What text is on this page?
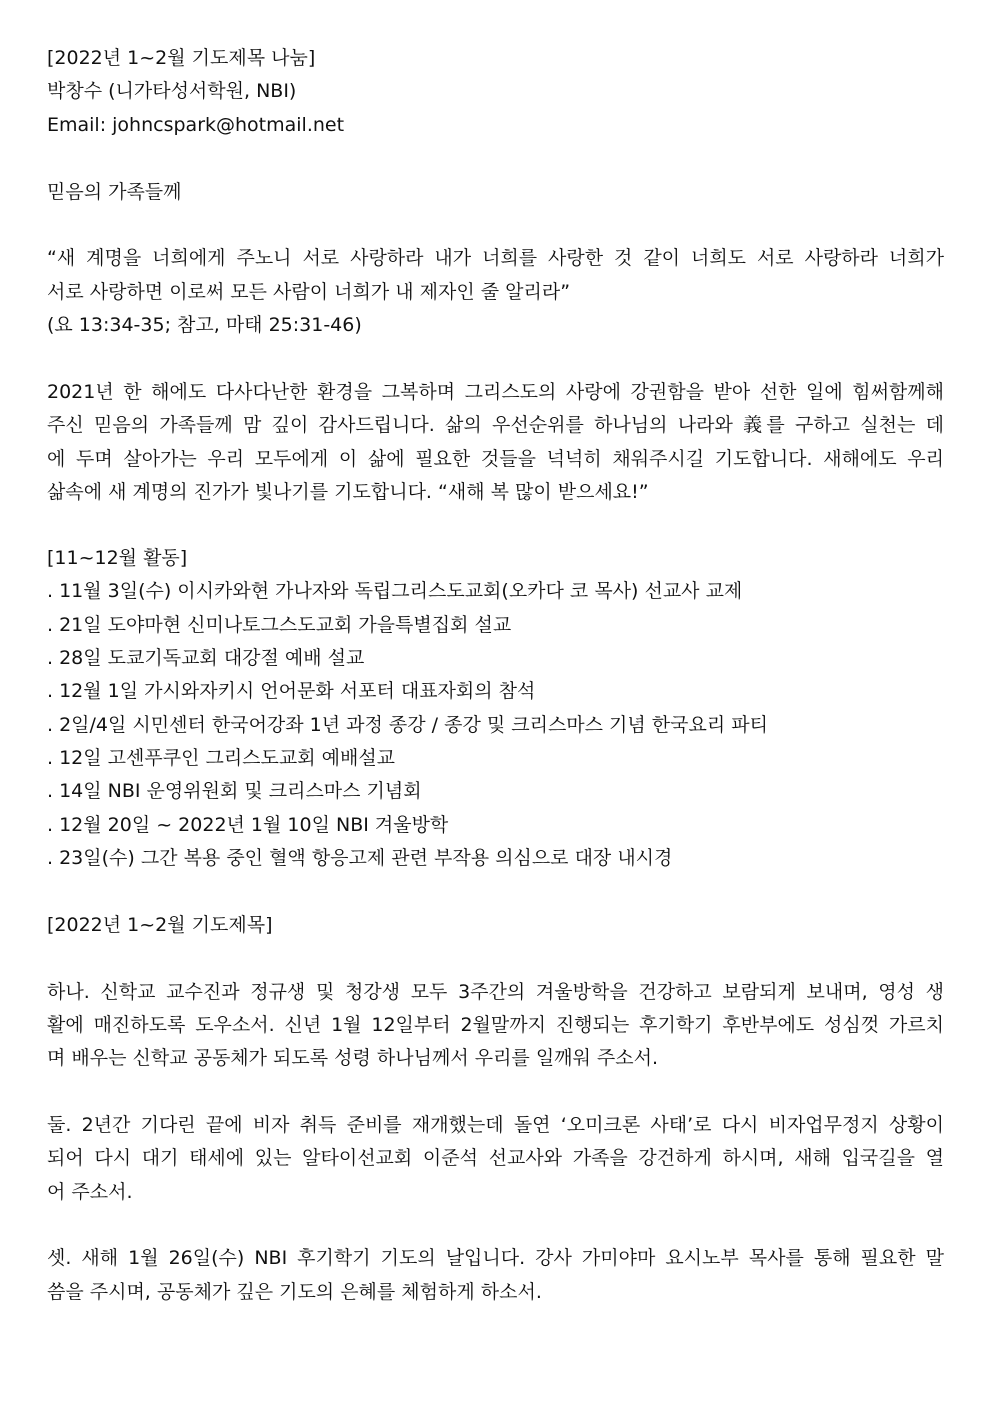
[2022년 1~2월 기도제목 나눔]
박창수 (니가타성서학원, NBI)
Email: johncspark@hotmail.net
믿음의 가족들께
“새 계명을 너희에게 주노니 서로 사랑하라 내가 너희를 사랑한 것 같이 너희도 서로 사랑하라 너희가
서로 사랑하면 이로써 모든 사람이 너희가 내 제자인 줄 알리라”
(요 13:34-35; 참고, 마태 25:31-46)
2021년 한 해에도 다사다난한 환경을 그복하며 그리스도의 사랑에 강권함을 받아 선한 일에 힘써함께해
주신 믿음의 가족들께 맘 깊이 감사드립니다. 삶의 우선순위를 하나님의 나라와 義를 구하고 실천는 데
에 두며 살아가는 우리 모두에게 이 삶에 필요한 것들을 넉넉히 채워주시길 기도합니다. 새해에도 우리
삶속에 새 계명의 진가가 빛나기를 기도합니다. “새해 복 많이 받으세요!”
[11~12월 활동]
. 11월 3일(수) 이시카와현 가나자와 독립그리스도교회(오카다 코 목사) 선교사 교제
. 21일 도야마현 신미나토그스도교회 가을특별집회 설교
. 28일 도쿄기독교회 대강절 예배 설교
. 12월 1일 가시와자키시 언어문화 서포터 대표자회의 참석
. 2일/4일 시민센터 한국어강좌 1년 과정 종강 / 종강 및 크리스마스 기념 한국요리 파티
. 12일 고센푸쿠인 그리스도교회 예배설교
. 14일 NBI 운영위원회 및 크리스마스 기념회
. 12월 20일 ~ 2022년 1월 10일 NBI 겨울방학
. 23일(수) 그간 복용 중인 혈액 항응고제 관련 부작용 의심으로 대장 내시경
[2022년 1~2월 기도제목]
하나. 신학교 교수진과 정규생 및 청강생 모두 3주간의 겨울방학을 건강하고 보람되게 보내며, 영성 생
활에 매진하도록 도우소서. 신년 1월 12일부터 2월말까지 진행되는 후기학기 후반부에도 성심껏 가르치
며 배우는 신학교 공동체가 되도록 성령 하나님께서 우리를 일깨워 주소서.
둘. 2년간 기다린 끝에 비자 취득 준비를 재개했는데 돌연 ‘오미크론 사태’로 다시 비자업무정지 상황이
되어 다시 대기 태세에 있는 알타이선교회 이준석 선교사와 가족을 강건하게 하시며, 새해 입국길을 열
어 주소서.
셋. 새해 1월 26일(수) NBI 후기학기 기도의 날입니다. 강사 가미야마 요시노부 목사를 통해 필요한 말
씀을 주시며, 공동체가 깊은 기도의 은혜를 체험하게 하소서.
